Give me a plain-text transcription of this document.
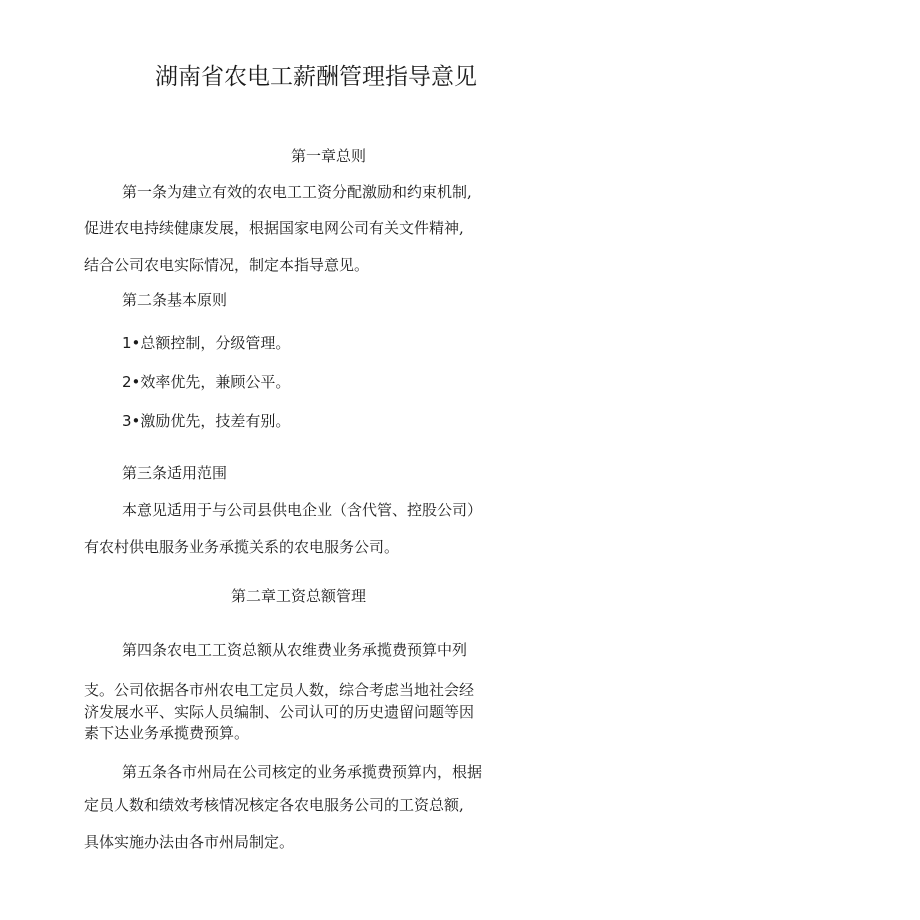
湖南省农电工薪酬管理指导意见

第一章总则

第一条为建立有效的农电工工资分配激励和约束机制,

促进农电持续健康发展，根据国家电网公司有关文件精神,

结合公司农电实际情况，制定本指导意见。

第二条基本原则

1•总额控制，分级管理。

2•效率优先，兼顾公平。

3•激励优先，技差有别。

第三条适用范围

本意见适用于与公司县供电企业（含代管、控股公司）

有农村供电服务业务承揽关系的农电服务公司。

第二章工资总额管理

第四条农电工工资总额从农维费业务承揽费预算中列

支。公司依据各市州农电工定员人数，综合考虑当地社会经

济发展水平、实际人员编制、公司认可的历史遗留问题等因

素下达业务承揽费预算。

第五条各市州局在公司核定的业务承揽费预算内，根据

定员人数和绩效考核情况核定各农电服务公司的工资总额,

具体实施办法由各市州局制定。
